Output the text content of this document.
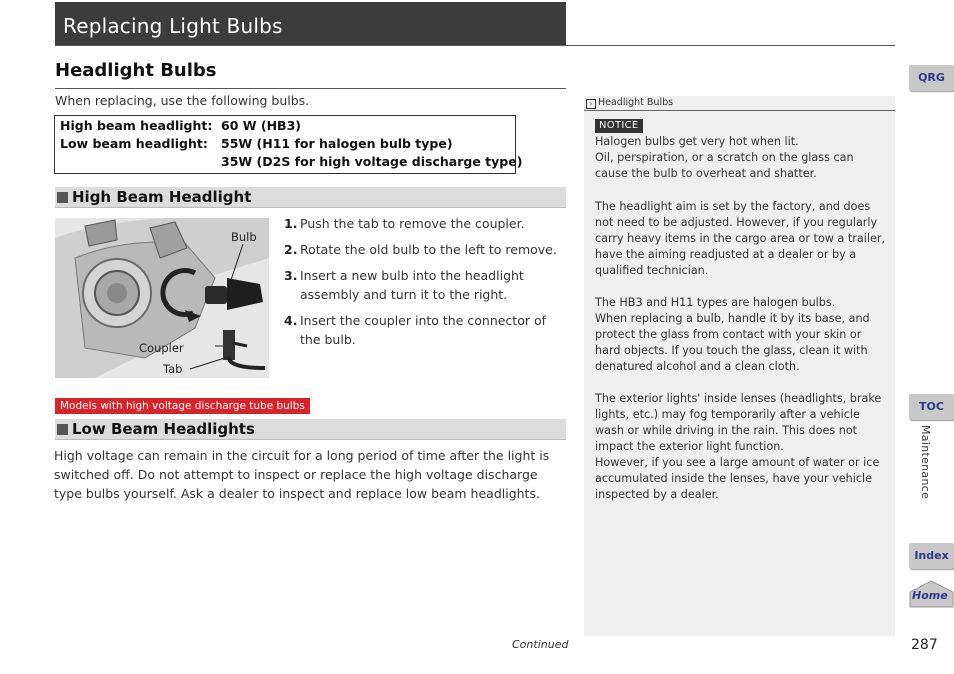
Replacing Light Bulbs
Headlight Bulbs
When replacing, use the following bulbs.
High beam headlight: 60 W (HB3)
Low beam headlight: 55W (H11 for halogen bulb type)
35W (D2S for high voltage discharge type)
High Beam Headlight
Bulb
Coupler
Tab
1. Push the tab to remove the coupler.
2. Rotate the old bulb to the left to remove.
3. Insert a new bulb into the headlight assembly and turn it to the right.
4. Insert the coupler into the connector of the bulb.
Models with high voltage discharge tube bulbs
Low Beam Headlights
High voltage can remain in the circuit for a long period of time after the light is switched off. Do not attempt to inspect or replace the high voltage discharge type bulbs yourself. Ask a dealer to inspect and replace low beam headlights.
› Headlight Bulbs
NOTICE
Halogen bulbs get very hot when lit.
Oil, perspiration, or a scratch on the glass can cause the bulb to overheat and shatter.
The headlight aim is set by the factory, and does not need to be adjusted. However, if you regularly carry heavy items in the cargo area or tow a trailer, have the aiming readjusted at a dealer or by a qualified technician.
The HB3 and H11 types are halogen bulbs.
When replacing a bulb, handle it by its base, and protect the glass from contact with your skin or hard objects. If you touch the glass, clean it with denatured alcohol and a clean cloth.
The exterior lights' inside lenses (headlights, brake lights, etc.) may fog temporarily after a vehicle wash or while driving in the rain. This does not impact the exterior light function.
However, if you see a large amount of water or ice accumulated inside the lenses, have your vehicle inspected by a dealer.
QRG
TOC
Maintenance
Index
Home
Continued	287
